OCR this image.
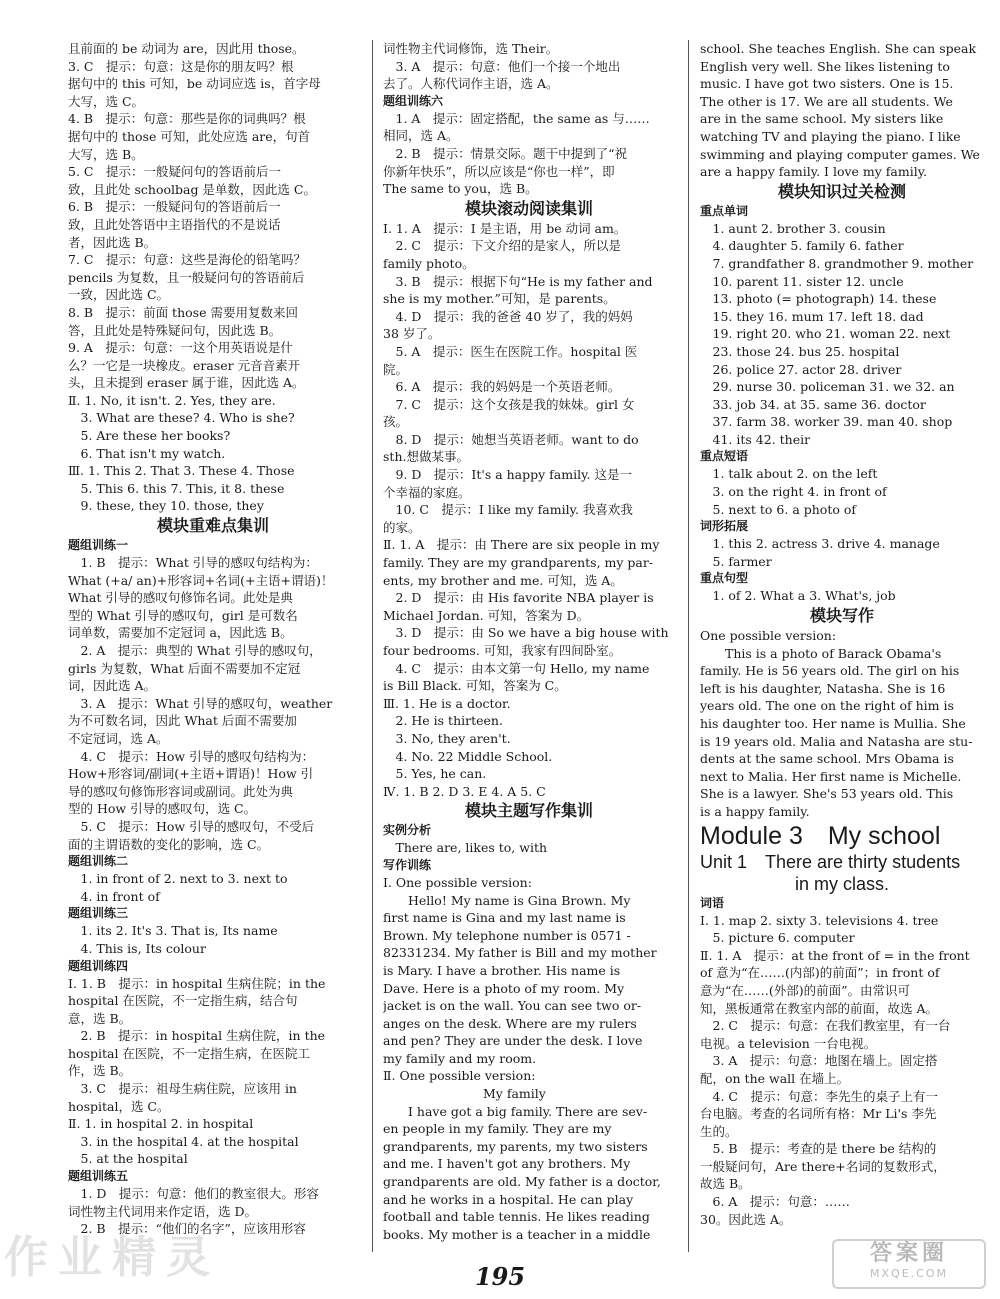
且前面的 be 动词为 are，因此用 those。
3. C　提示：句意：这是你的朋友吗？根
据句中的 this 可知，be 动词应选 is，首字母
大写，选 C。
4. B　提示：句意：那些是你的词典吗？根
据句中的 those 可知，此处应选 are，句首
大写，选 B。
5. C　提示：一般疑问句的答语前后一
致，且此处 schoolbag 是单数，因此选 C。
6. B　提示：一般疑问句的答语前后一
致，且此处答语中主语指代的不是说话
者，因此选 B。
7. C　提示：句意：这些是海伦的铅笔吗？
pencils 为复数，且一般疑问句的答语前后
一致，因此选 C。
8. B　提示：前面 those 需要用复数来回
答，且此处是特殊疑问句，因此选 B。
9. A　提示：句意：一这个用英语说是什
么？一它是一块橡皮。eraser 元音音素开
头，且未提到 eraser 属于谁，因此选 A。
Ⅱ. 1. No, it isn't. 2. Yes, they are.
　3. What are these? 4. Who is she?
　5. Are these her books?
　6. That isn't my watch.
Ⅲ. 1. This 2. That 3. These 4. Those
　5. This 6. this 7. This, it 8. these
　9. these, they 10. those, they
模块重难点集训
题组训练一
　1. B　提示：What 引导的感叹句结构为：
What (+a/ an)+形容词+名词(+主语+谓语)！
What 引导的感叹句修饰名词。此处是典
型的 What 引导的感叹句，girl 是可数名
词单数，需要加不定冠词 a，因此选 B。
　2. A　提示：典型的 What 引导的感叹句，
girls 为复数，What 后面不需要加不定冠
词，因此选 A。
　3. A　提示：What 引导的感叹句，weather
为不可数名词，因此 What 后面不需要加
不定冠词，选 A。
　4. C　提示：How 引导的感叹句结构为：
How+形容词/副词(+主语+谓语)！How 引
导的感叹句修饰形容词或副词。此处为典
型的 How 引导的感叹句，选 C。
　5. C　提示：How 引导的感叹句，不受后
面的主谓语数的变化的影响，选 C。
题组训练二
　1. in front of 2. next to 3. next to
　4. in front of
题组训练三
　1. its 2. It's 3. That is, Its name
　4. This is, Its colour
题组训练四
Ⅰ. 1. B　提示：in hospital 生病住院；in the
hospital 在医院，不一定指生病，结合句
意，选 B。
　2. B　提示：in hospital 生病住院，in the
hospital 在医院，不一定指生病，在医院工
作，选 B。
　3. C　提示：祖母生病住院，应该用 in
hospital，选 C。
Ⅱ. 1. in hospital 2. in hospital
　3. in the hospital 4. at the hospital
　5. at the hospital
题组训练五
　1. D　提示：句意：他们的教室很大。形容
词性物主代词用来作定语，选 D。
　2. B　提示：“他们的名字”，应该用形容
词性物主代词修饰，选 Their。
　3. A　提示：句意：他们一个接一个地出
去了。人称代词作主语，选 A。
题组训练六
　1. A　提示：固定搭配，the same as 与……
相同，选 A。
　2. B　提示：情景交际。题干中提到了“祝
你新年快乐”，所以应该是“你也一样”，即
The same to you，选 B。
模块滚动阅读集训
Ⅰ. 1. A　提示：I 是主语，用 be 动词 am。
　2. C　提示：下文介绍的是家人，所以是
family photo。
　3. B　提示：根据下句“He is my father and
she is my mother.”可知，是 parents。
　4. D　提示：我的爸爸 40 岁了，我的妈妈
38 岁了。
　5. A　提示：医生在医院工作。hospital 医
院。
　6. A　提示：我的妈妈是一个英语老师。
　7. C　提示：这个女孩是我的妹妹。girl 女
孩。
　8. D　提示：她想当英语老师。want to do
sth.想做某事。
　9. D　提示：It's a happy family. 这是一
个幸福的家庭。
　10. C　提示：I like my family. 我喜欢我
的家。
Ⅱ. 1. A　提示：由 There are six people in my
family. They are my grandparents, my par-
ents, my brother and me. 可知，选 A。
　2. D　提示：由 His favorite NBA player is
Michael Jordan. 可知，答案为 D。
　3. D　提示：由 So we have a big house with
four bedrooms. 可知，我家有四间卧室。
　4. C　提示：由本文第一句 Hello, my name
is Bill Black. 可知，答案为 C。
Ⅲ. 1. He is a doctor.
　2. He is thirteen.
　3. No, they aren't.
　4. No. 22 Middle School.
　5. Yes, he can.
Ⅳ. 1. B 2. D 3. E 4. A 5. C
模块主题写作集训
实例分析
　There are, likes to, with
写作训练
Ⅰ. One possible version:
　　Hello! My name is Gina Brown. My
first name is Gina and my last name is
Brown. My telephone number is 0571 -
82331234. My father is Bill and my mother
is Mary. I have a brother. His name is
Dave. Here is a photo of my room. My
jacket is on the wall. You can see two or-
anges on the desk. Where are my rulers
and pen? They are under the desk. I love
my family and my room.
Ⅱ. One possible version:
　　　　　　　　My family
　　I have got a big family. There are sev-
en people in my family. They are my
grandparents, my parents, my two sisters
and me. I haven't got any brothers. My
grandparents are old. My father is a doctor,
and he works in a hospital. He can play
football and table tennis. He likes reading
books. My mother is a teacher in a middle
school. She teaches English. She can speak
English very well. She likes listening to
music. I have got two sisters. One is 15.
The other is 17. We are all students. We
are in the same school. My sisters like
watching TV and playing the piano. I like
swimming and playing computer games. We
are a happy family. I love my family.
模块知识过关检测
重点单词
　1. aunt 2. brother 3. cousin
　4. daughter 5. family 6. father
　7. grandfather 8. grandmother 9. mother
　10. parent 11. sister 12. uncle
　13. photo (= photograph) 14. these
　15. they 16. mum 17. left 18. dad
　19. right 20. who 21. woman 22. next
　23. those 24. bus 25. hospital
　26. police 27. actor 28. driver
　29. nurse 30. policeman 31. we 32. an
　33. job 34. at 35. same 36. doctor
　37. farm 38. worker 39. man 40. shop
　41. its 42. their
重点短语
　1. talk about 2. on the left
　3. on the right 4. in front of
　5. next to 6. a photo of
词形拓展
　1. this 2. actress 3. drive 4. manage
　5. farmer
重点句型
　1. of 2. What a 3. What's, job
模块写作
One possible version:
　　This is a photo of Barack Obama's
family. He is 56 years old. The girl on his
left is his daughter, Natasha. She is 16
years old. The one on the right of him is
his daughter too. Her name is Mullia. She
is 19 years old. Malia and Natasha are stu-
dents at the same school. Mrs Obama is
next to Malia. Her first name is Michelle.
She is a lawyer. She's 53 years old. This
is a happy family.
Module 3　My school
Unit 1　There are thirty students
in my class.
词语
Ⅰ. 1. map 2. sixty 3. televisions 4. tree
　5. picture 6. computer
Ⅱ. 1. A　提示：at the front of = in the front
of 意为“在……(内部)的前面”；in front of
意为“在……(外部)的前面”。由常识可
知，黑板通常在教室内部的前面，故选 A。
　2. C　提示：句意：在我们教室里，有一台
电视。a television 一台电视。
　3. A　提示：句意：地图在墙上。固定搭
配，on the wall 在墙上。
　4. C　提示：句意：李先生的桌子上有一
台电脑。考查的名词所有格：Mr Li's 李先
生的。
　5. B　提示：考查的是 there be 结构的
一般疑问句，Are there+名词的复数形式，
故选 B。
　6. A　提示：句意：……
30。因此选 A。
195
作业精灵	答案圈
MXQE.COM
